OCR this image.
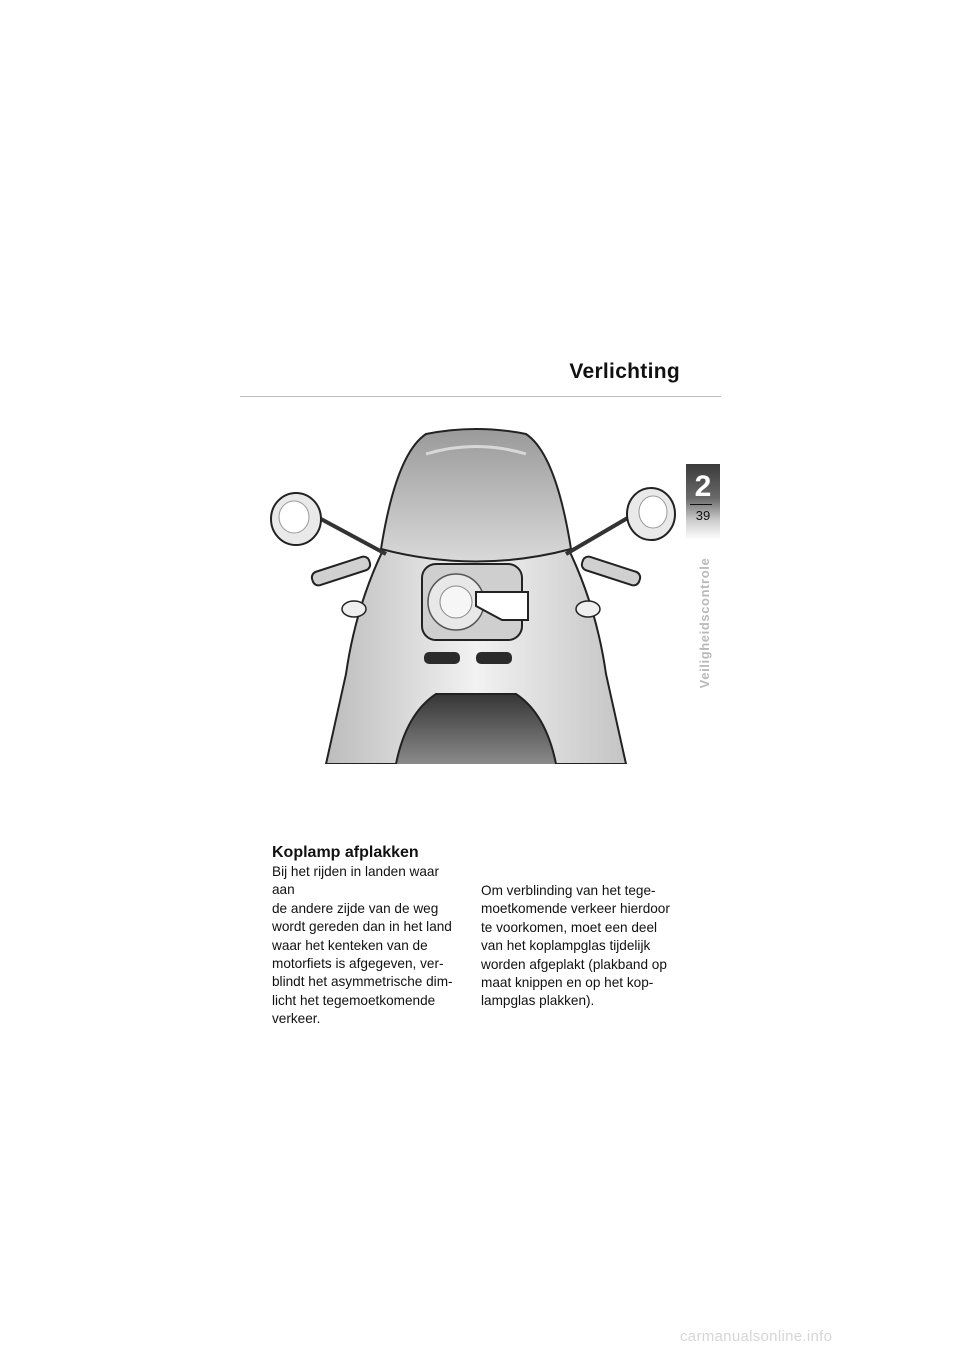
Verlichting
2
39
Veiligheidscontrole
Koplamp afplakken
Bij het rijden in landen waar aan
de andere zijde van de weg
wordt gereden dan in het land
waar het kenteken van de
motorfiets is afgegeven, ver-
blindt het asymmetrische dim-
licht het tegemoetkomende
verkeer.
Om verblinding van het tege-
moetkomende verkeer hierdoor
te voorkomen, moet een deel
van het koplampglas tijdelijk
worden afgeplakt (plakband op
maat knippen en op het kop-
lampglas plakken).
carmanualsonline.info
